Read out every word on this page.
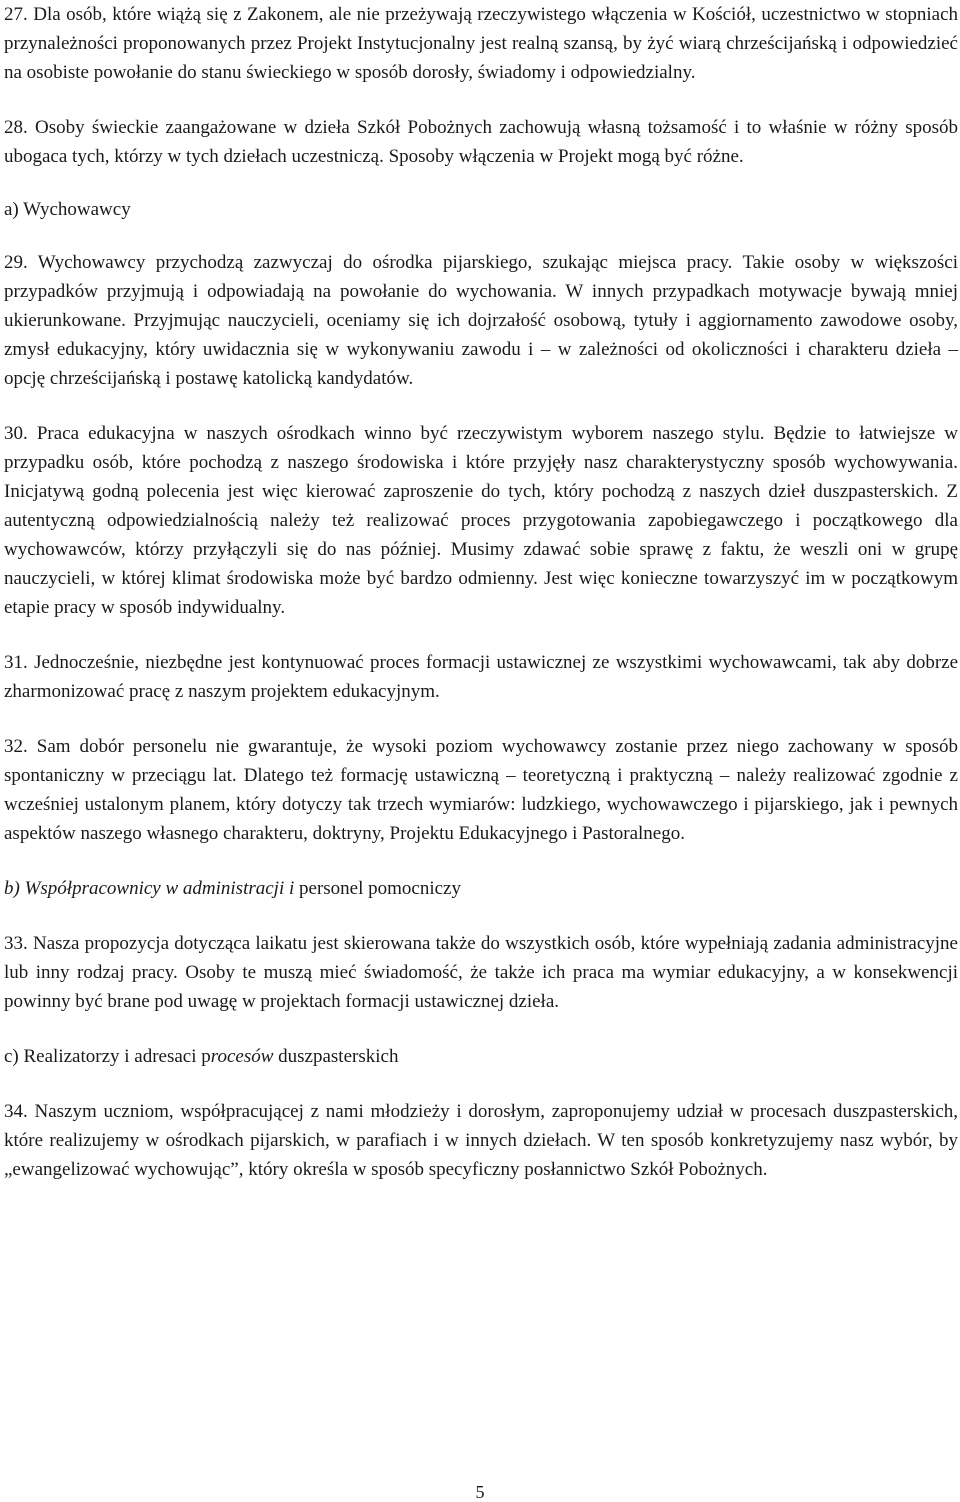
27. Dla osób, które wiążą się z Zakonem, ale nie przeżywają rzeczywistego włączenia w Kościół, uczestnictwo w stopniach przynależności proponowanych przez Projekt Instytucjonalny jest realną szansą, by żyć wiarą chrześcijańską i odpowiedzieć na osobiste powołanie do stanu świeckiego w sposób dorosły, świadomy i odpowiedzialny.

28. Osoby świeckie zaangażowane w dzieła Szkół Pobożnych zachowują własną tożsamość i to właśnie w różny sposób ubogaca tych, którzy w tych dziełach uczestniczą. Sposoby włączenia w Projekt mogą być różne.

a) Wychowawcy

29. Wychowawcy przychodzą zazwyczaj do ośrodka pijarskiego, szukając miejsca pracy. Takie osoby w większości przypadków przyjmują i odpowiadają na powołanie do wychowania. W innych przypadkach motywacje bywają mniej ukierunkowane. Przyjmując nauczycieli, oceniamy się ich dojrzałość osobową, tytuły i aggiornamento zawodowe osoby, zmysł edukacyjny, który uwidacznia się w wykonywaniu zawodu i – w zależności od okoliczności i charakteru dzieła – opcję chrześcijańską i postawę katolicką kandydatów.

30. Praca edukacyjna w naszych ośrodkach winno być rzeczywistym wyborem naszego stylu. Będzie to łatwiejsze w przypadku osób, które pochodzą z naszego środowiska i które przyjęły nasz charakterystyczny sposób wychowywania. Inicjatywą godną polecenia jest więc kierować zaproszenie do tych, który pochodzą z naszych dzieł duszpasterskich. Z autentyczną odpowiedzialnością należy też realizować proces przygotowania zapobiegawczego i początkowego dla wychowawców, którzy przyłączyli się do nas później. Musimy zdawać sobie sprawę z faktu, że weszli oni w grupę nauczycieli, w której klimat środowiska może być bardzo odmienny. Jest więc konieczne towarzyszyć im w początkowym etapie pracy w sposób indywidualny.

31. Jednocześnie, niezbędne jest kontynuować proces formacji ustawicznej ze wszystkimi wychowawcami, tak aby dobrze zharmonizować pracę z naszym projektem edukacyjnym.

32. Sam dobór personelu nie gwarantuje, że wysoki poziom wychowawcy zostanie przez niego zachowany w sposób spontaniczny w przeciągu lat. Dlatego też formację ustawiczną – teoretyczną i praktyczną – należy realizować zgodnie z wcześniej ustalonym planem, który dotyczy tak trzech wymiarów: ludzkiego, wychowawczego i pijarskiego, jak i pewnych aspektów naszego własnego charakteru, doktryny, Projektu Edukacyjnego i Pastoralnego.

b) Współpracownicy w administracji i personel pomocniczy

33. Nasza propozycja dotycząca laikatu jest skierowana także do wszystkich osób, które wypełniają zadania administracyjne lub inny rodzaj pracy. Osoby te muszą mieć świadomość, że także ich praca ma wymiar edukacyjny, a w konsekwencji powinny być brane pod uwagę w projektach formacji ustawicznej dzieła.

c) Realizatorzy i adresaci procesów duszpasterskich

34. Naszym uczniom, współpracującej z nami młodzieży i dorosłym, zaproponujemy udział w procesach duszpasterskich, które realizujemy w ośrodkach pijarskich, w parafiach i w innych dziełach. W ten sposób konkretyzujemy nasz wybór, by „ewangelizować wychowując”, który określa w sposób specyficzny posłannictwo Szkół Pobożnych.

5
